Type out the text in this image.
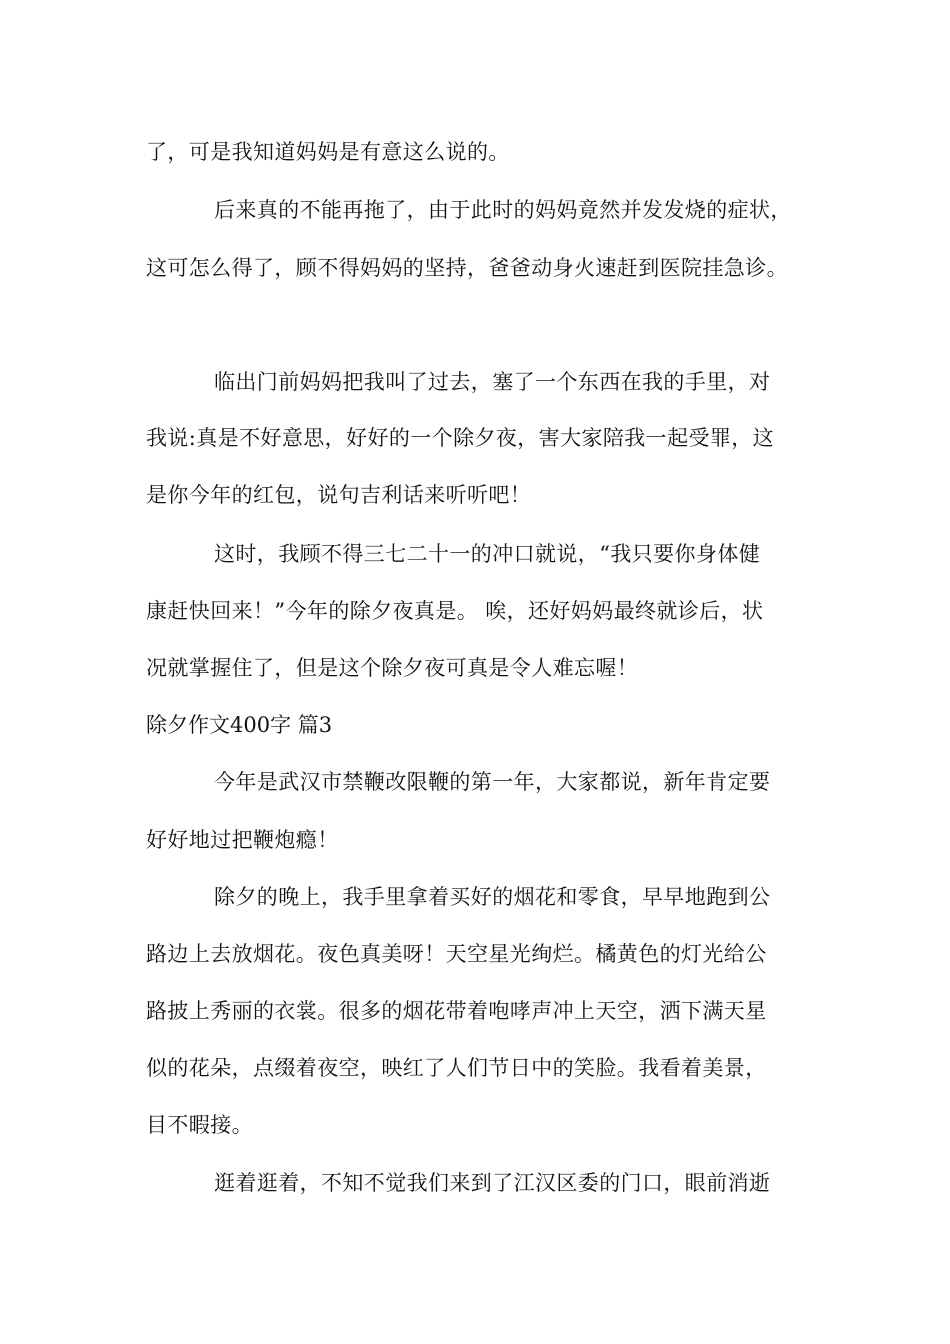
了，可是我知道妈妈是有意这么说的。
后来真的不能再拖了，由于此时的妈妈竟然并发发烧的症状，
这可怎么得了，顾不得妈妈的坚持，爸爸动身火速赶到医院挂急诊。
临出门前妈妈把我叫了过去，塞了一个东西在我的手里，对
我说:真是不好意思，好好的一个除夕夜，害大家陪我一起受罪，这
是你今年的红包，说句吉利话来听听吧！
这时，我顾不得三七二十一的冲口就说，“我只要你身体健
康赶快回来！”今年的除夕夜真是。 唉，还好妈妈最终就诊后，状
况就掌握住了，但是这个除夕夜可真是令人难忘喔！
除夕作文400字 篇3
今年是武汉市禁鞭改限鞭的第一年，大家都说，新年肯定要
好好地过把鞭炮瘾！
除夕的晚上，我手里拿着买好的烟花和零食，早早地跑到公
路边上去放烟花。夜色真美呀！天空星光绚烂。橘黄色的灯光给公
路披上秀丽的衣裳。很多的烟花带着咆哮声冲上天空，洒下满天星
似的花朵，点缀着夜空，映红了人们节日中的笑脸。我看着美景，
目不暇接。
逛着逛着，不知不觉我们来到了江汉区委的门口，眼前消逝
